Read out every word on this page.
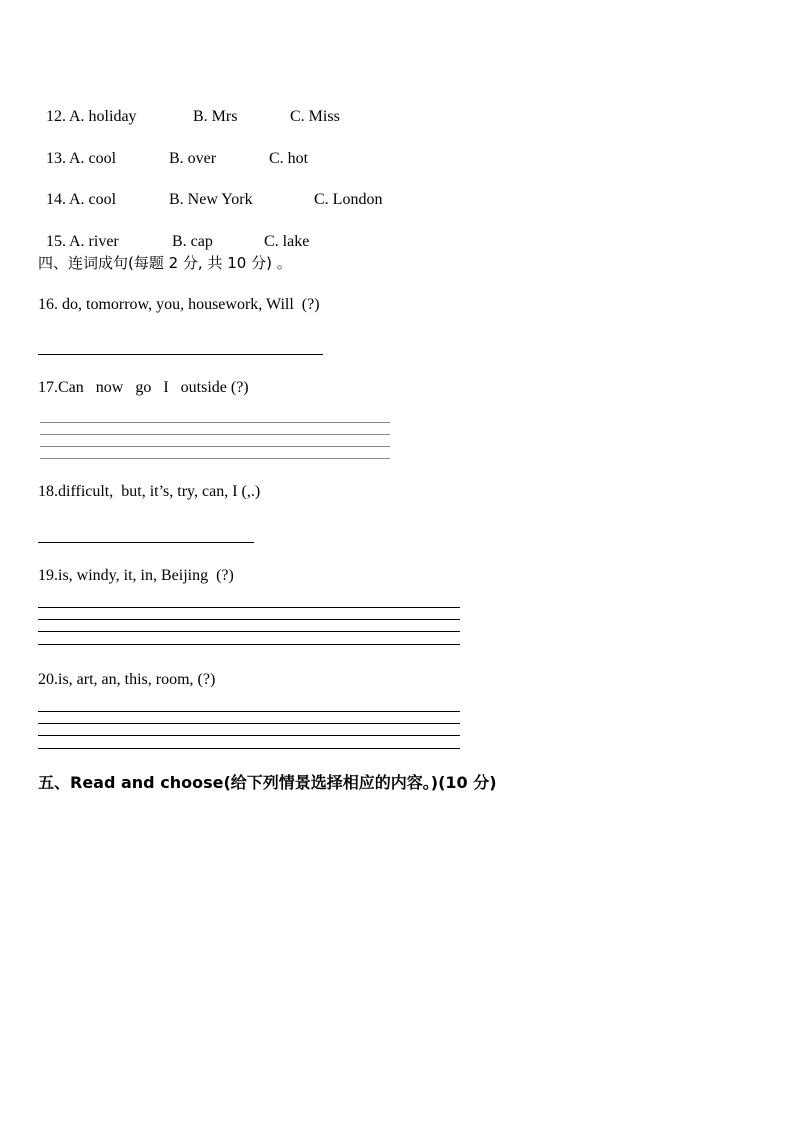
12. A. holiday	B. Mrs	C. Miss

13. A. cool	B. over	C. hot

14. A. cool	B. New York	C. London

15. A. river	B. cap	C. lake

四、连词成句(每题 2 分, 共 10 分) 。
16. do, tomorrow, you, housework, Will  (?)
17.Can   now   go   I   outside (?)
18.difficult,  but, it’s, try, can, I (,.)
19.is, windy, it, in, Beijing  (?)
20.is, art, an, this, room, (?)
五、Read and choose(给下列情景选择相应的内容。)(10 分)
